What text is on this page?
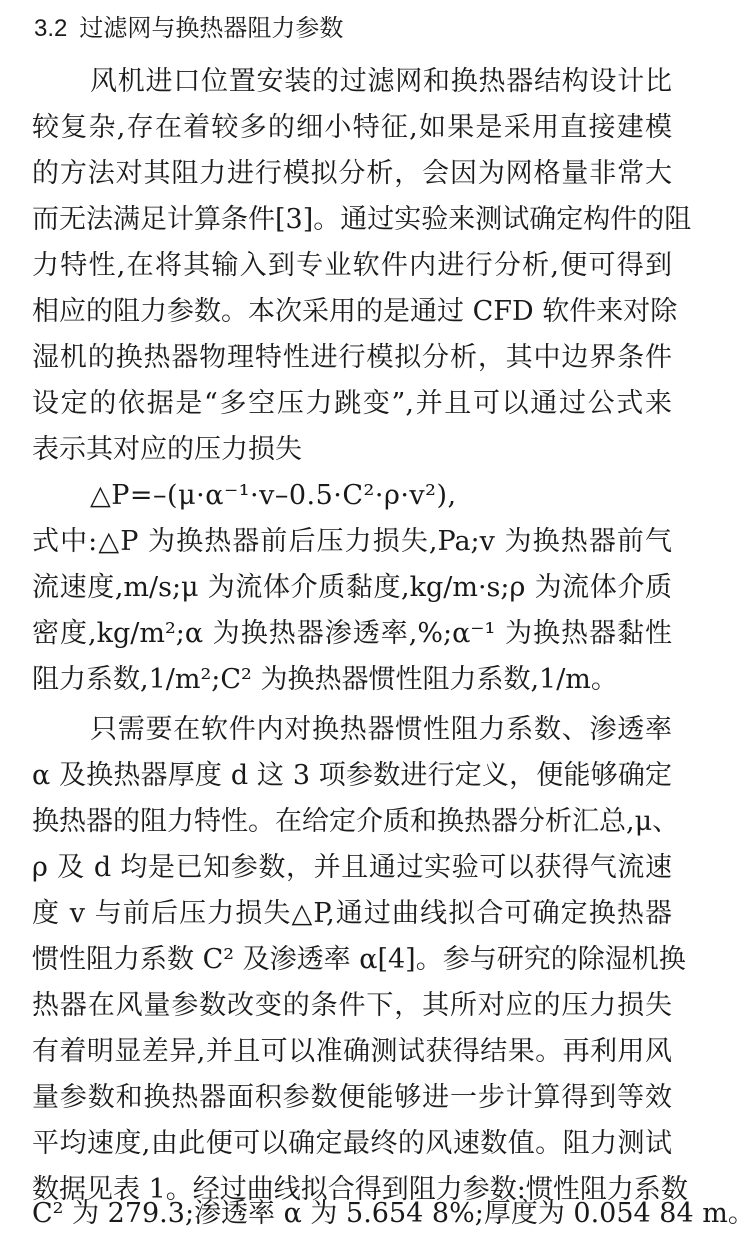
3.2 过滤网与换热器阻力参数
风机进口位置安装的过滤网和换热器结构设计比
较复杂,存在着较多的细小特征,如果是采用直接建模
的方法对其阻力进行模拟分析，会因为网格量非常大
而无法满足计算条件[3]。通过实验来测试确定构件的阻
力特性,在将其输入到专业软件内进行分析,便可得到
相应的阻力参数。本次采用的是通过 CFD 软件来对除
湿机的换热器物理特性进行模拟分析，其中边界条件
设定的依据是“多空压力跳变”,并且可以通过公式来
表示其对应的压力损失
△P=–(μ·α⁻¹·v–0.5·C²·ρ·v²),
式中:△P 为换热器前后压力损失,Pa;v 为换热器前气
流速度,m/s;μ 为流体介质黏度,kg/m·s;ρ 为流体介质
密度,kg/m²;α 为换热器渗透率,%;α⁻¹ 为换热器黏性
阻力系数,1/m²;C² 为换热器惯性阻力系数,1/m。
只需要在软件内对换热器惯性阻力系数、渗透率
α 及换热器厚度 d 这 3 项参数进行定义，便能够确定
换热器的阻力特性。在给定介质和换热器分析汇总,μ、
ρ 及 d 均是已知参数，并且通过实验可以获得气流速
度 v 与前后压力损失△P,通过曲线拟合可确定换热器
惯性阻力系数 C² 及渗透率 α[4]。参与研究的除湿机换
热器在风量参数改变的条件下，其所对应的压力损失
有着明显差异,并且可以准确测试获得结果。再利用风
量参数和换热器面积参数便能够进一步计算得到等效
平均速度,由此便可以确定最终的风速数值。阻力测试
数据见表 1。经过曲线拟合得到阻力参数:惯性阻力系数
C² 为 279.3;渗透率 α 为 5.654 8%;厚度为 0.054 84 m。
